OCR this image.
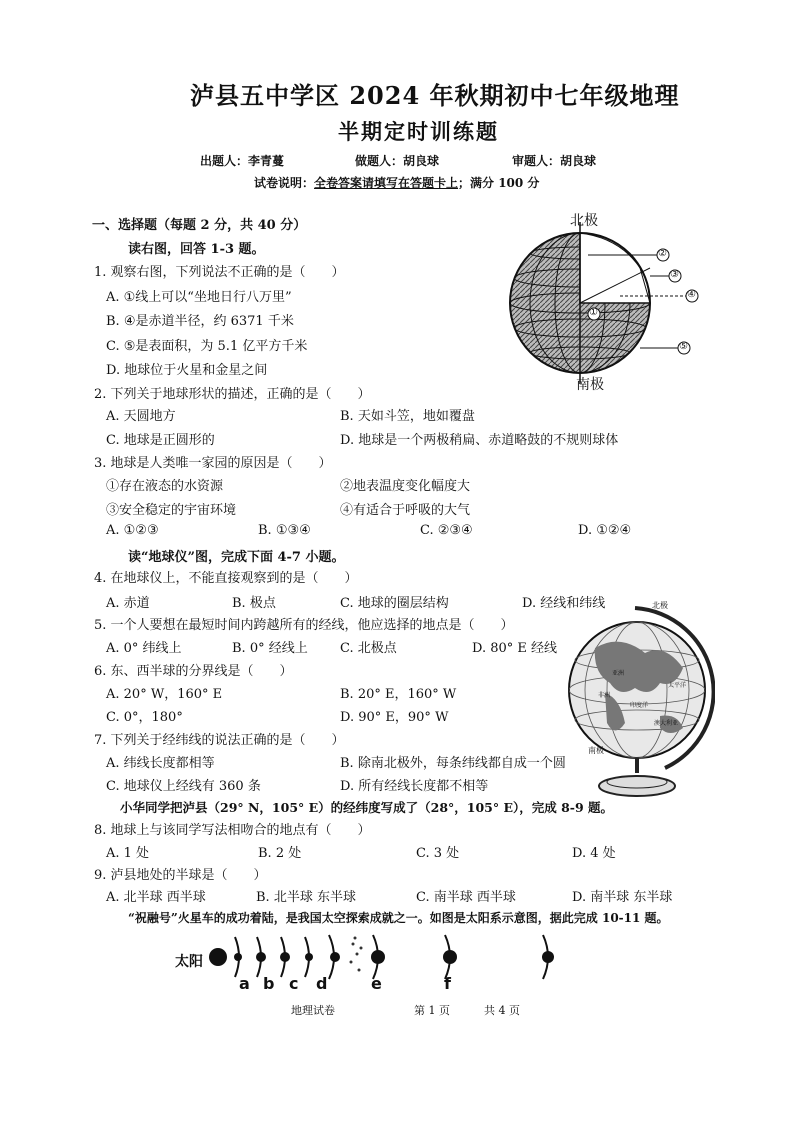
泸县五中学区 2024 年秋期初中七年级地理
半期定时训练题
出题人：李青蔓	做题人：胡良球	审题人：胡良球
试卷说明：全卷答案请填写在答题卡上；满分 100 分
一、选择题（每题 2 分，共 40 分）
读右图，回答 1-3 题。
1. 观察右图，下列说法不正确的是（　　）
A. ①线上可以“坐地日行八万里”
B. ④是赤道半径，约 6371 千米
C. ⑤是表面积，为 5.1 亿平方千米
D. 地球位于火星和金星之间
2. 下列关于地球形状的描述，正确的是（　　）
A. 天圆地方	B. 天如斗笠，地如覆盘
C. 地球是正圆形的	D. 地球是一个两极稍扁、赤道略鼓的不规则球体
3. 地球是人类唯一家园的原因是（　　）
①存在液态的水资源	②地表温度变化幅度大
③安全稳定的宇宙环境	④有适合于呼吸的大气
A. ①②③	B. ①③④	C. ②③④	D. ①②④
读“地球仪”图，完成下面 4-7 小题。
4. 在地球仪上，不能直接观察到的是（　　）
A. 赤道	B. 极点	C. 地球的圈层结构	D. 经线和纬线
5. 一个人要想在最短时间内跨越所有的经线，他应选择的地点是（　　）
A. 0° 纬线上	B. 0° 经线上 C. 北极点	D. 80° E 经线
6. 东、西半球的分界线是（　　）
A. 20° W，160° E	B. 20° E，160° W
C. 0°，180°	D. 90° E，90° W
7. 下列关于经纬线的说法正确的是（　　）
A. 纬线长度都相等	B. 除南北极外，每条纬线都自成一个圆
C. 地球仪上经线有 360 条	D. 所有经线长度都不相等
小华同学把泸县（29° N，105° E）的经纬度写成了（28°，105° E），完成 8-9 题。
8. 地球上与该同学写法相吻合的地点有（　　）
A. 1 处	B. 2 处	C. 3 处	D. 4 处
9. 泸县地处的半球是（　　）
A. 北半球 西半球	B. 北半球 东半球	C. 南半球 西半球	D. 南半球 东半球
“祝融号”火星车的成功着陆，是我国太空探索成就之一。如图是太阳系示意图，据此完成 10-11 题。
北极
南极
①
②
③
④
⑤
北极
南极
亚洲
非洲
印度洋
太平洋
澳大利亚
太阳
a b c d	e	f
地理试卷	第 1 页	共 4 页
